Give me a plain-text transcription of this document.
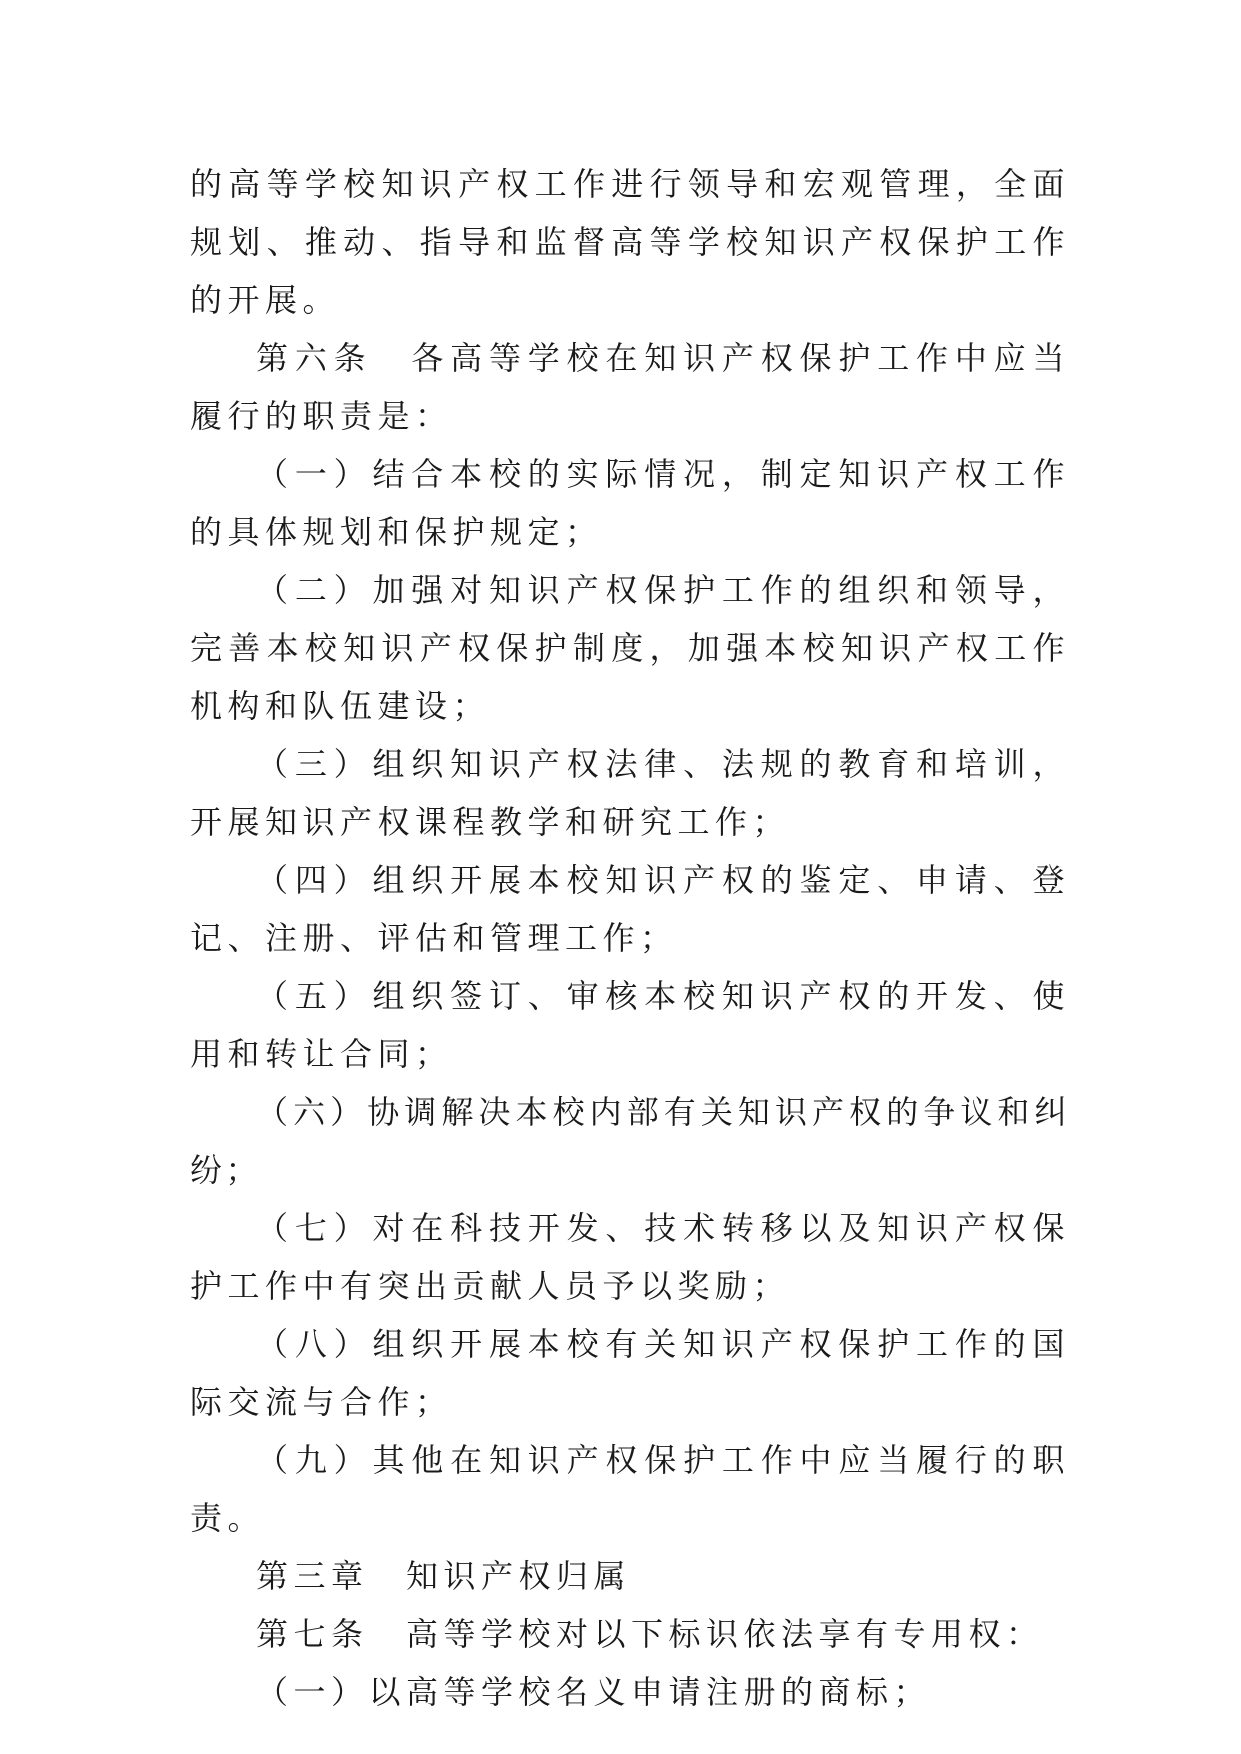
的高等学校知识产权工作进行领导和宏观管理，全面规划、推动、指导和监督高等学校知识产权保护工作的开展。

第六条　各高等学校在知识产权保护工作中应当履行的职责是：

（一）结合本校的实际情况，制定知识产权工作的具体规划和保护规定；

（二）加强对知识产权保护工作的组织和领导，完善本校知识产权保护制度，加强本校知识产权工作机构和队伍建设；

（三）组织知识产权法律、法规的教育和培训，开展知识产权课程教学和研究工作；

（四）组织开展本校知识产权的鉴定、申请、登记、注册、评估和管理工作；

（五）组织签订、审核本校知识产权的开发、使用和转让合同；

（六）协调解决本校内部有关知识产权的争议和纠纷；

（七）对在科技开发、技术转移以及知识产权保护工作中有突出贡献人员予以奖励；

（八）组织开展本校有关知识产权保护工作的国际交流与合作；

（九）其他在知识产权保护工作中应当履行的职责。

第三章　知识产权归属

第七条　高等学校对以下标识依法享有专用权：

（一）以高等学校名义申请注册的商标；
